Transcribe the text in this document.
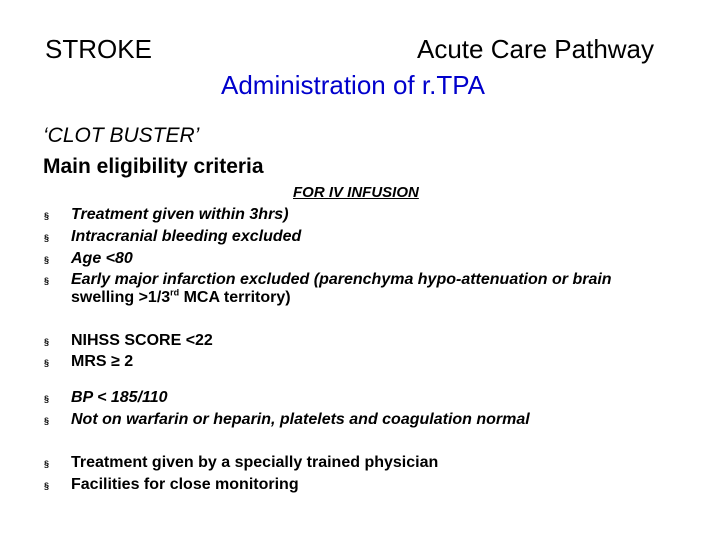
STROKE	Acute Care Pathway
Administration of r.TPA
‘CLOT BUSTER’
Main eligibility criteria
FOR IV INFUSION
§ Treatment given within 3hrs)
§ Intracranial bleeding excluded
§ Age <80
§ Early major infarction excluded (parenchyma hypo-attenuation or brain
swelling >1/3rd MCA territory)
§ NIHSS SCORE <22
§ MRS ≥ 2
§ BP < 185/110
§ Not on warfarin or heparin, platelets and coagulation normal
§ Treatment given by a specially trained physician
§ Facilities for close monitoring
